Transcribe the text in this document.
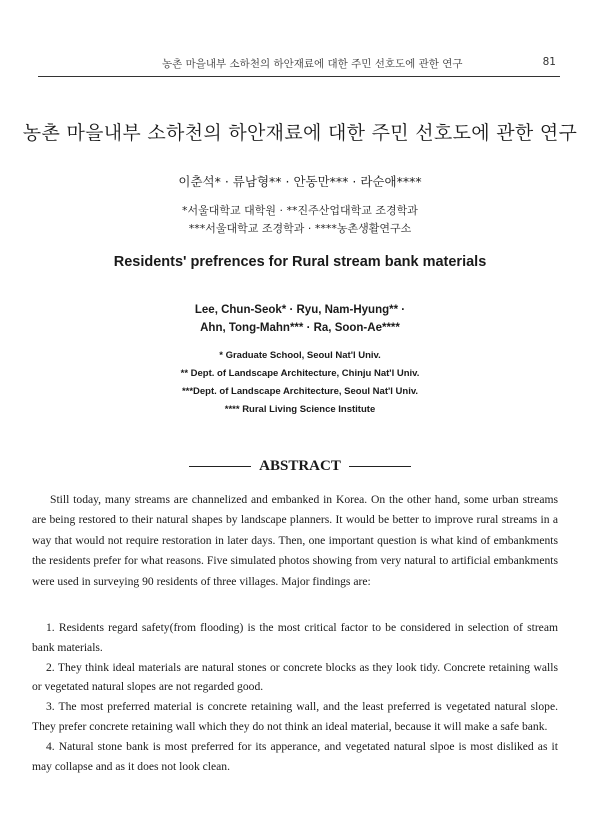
농촌 마을내부 소하천의 하안재료에 대한 주민 선호도에 관한 연구	81
농촌 마을내부 소하천의 하안재료에 대한 주민 선호도에 관한 연구
이춘석* · 류남형** · 안동만*** · 라순애****
*서울대학교 대학원 · **진주산업대학교 조경학과
***서울대학교 조경학과 · ****농촌생활연구소
Residents' prefrences for Rural stream bank materials
Lee, Chun-Seok* · Ryu, Nam-Hyung** ·
Ahn, Tong-Mahn*** · Ra, Soon-Ae****
* Graduate School, Seoul Nat'l Univ.
** Dept. of Landscape Architecture, Chinju Nat'l Univ.
***Dept. of Landscape Architecture, Seoul Nat'l Univ.
**** Rural Living Science Institute
ABSTRACT

Still today, many streams are channelized and embanked in Korea. On the other hand, some urban streams are being restored to their natural shapes by landscape planners. It would be better to improve rural streams in a way that would not require restoration in later days. Then, one important question is what kind of embankments the residents prefer for what reasons. Five simulated photos showing from very natural to artificial embankments were used in surveying 90 residents of three villages. Major findings are:

1. Residents regard safety(from flooding) is the most critical factor to be considered in selection of stream bank materials.
2. They think ideal materials are natural stones or concrete blocks as they look tidy. Concrete retaining walls or vegetated natural slopes are not regarded good.
3. The most preferred material is concrete retaining wall, and the least preferred is vegetated natural slope. They prefer concrete retaining wall which they do not think an ideal material, because it will make a safe bank.
4. Natural stone bank is most preferred for its apperance, and vegetated natural slpoe is most disliked as it may collapse and as it does not look clean.
